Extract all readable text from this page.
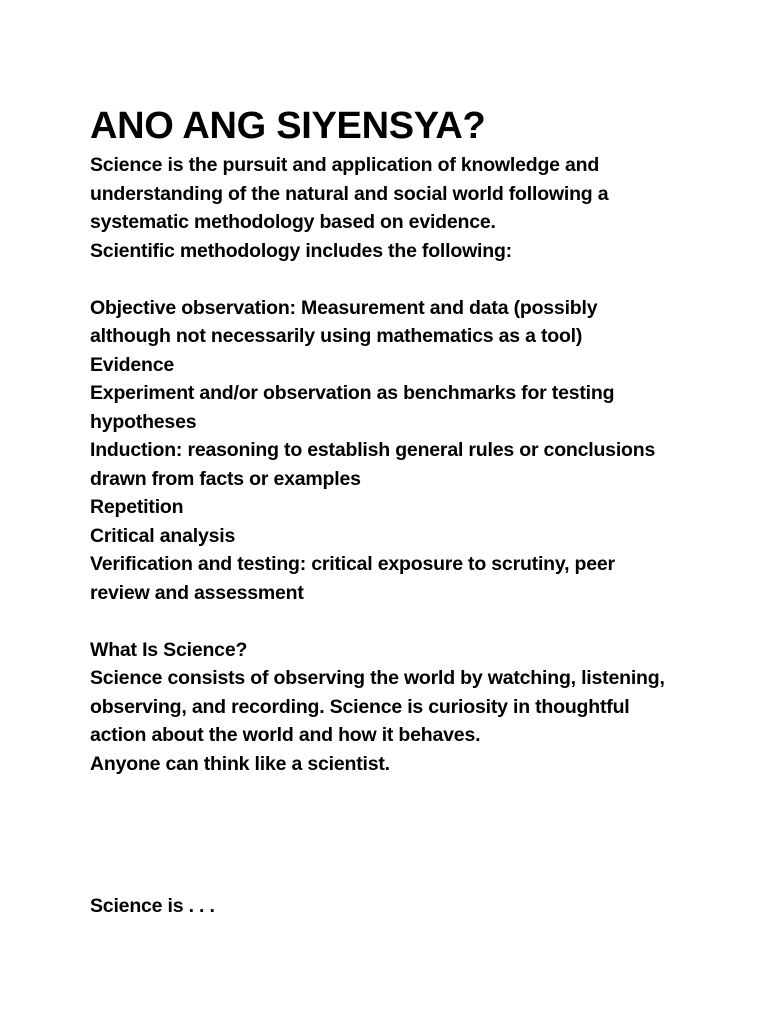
ANO ANG SIYENSYA?

Science is the pursuit and application of knowledge and

understanding of the natural and social world following a

systematic methodology based on evidence.

Scientific methodology includes the following:

Objective observation: Measurement and data (possibly

although not necessarily using mathematics as a tool)

Evidence

Experiment and/or observation as benchmarks for testing

hypotheses

Induction: reasoning to establish general rules or conclusions

drawn from facts or examples

Repetition

Critical analysis

Verification and testing: critical exposure to scrutiny, peer

review and assessment

What Is Science?

Science consists of observing the world by watching, listening,

observing, and recording. Science is curiosity in thoughtful

action about the world and how it behaves.

Anyone can think like a scientist.

Science is . . .
